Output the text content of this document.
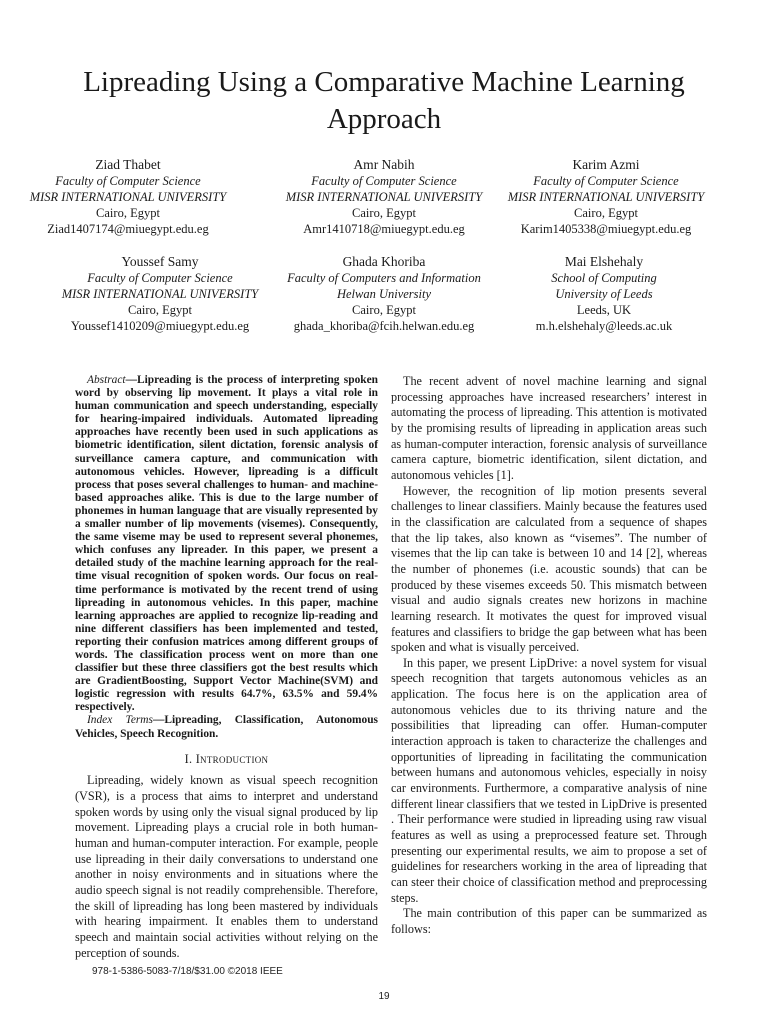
Lipreading Using a Comparative Machine Learning Approach
Ziad Thabet
Faculty of Computer Science
MISR INTERNATIONAL UNIVERSITY
Cairo, Egypt
Ziad1407174@miuegypt.edu.eg
Amr Nabih
Faculty of Computer Science
MISR INTERNATIONAL UNIVERSITY
Cairo, Egypt
Amr1410718@miuegypt.edu.eg
Karim Azmi
Faculty of Computer Science
MISR INTERNATIONAL UNIVERSITY
Cairo, Egypt
Karim1405338@miuegypt.edu.eg
Youssef Samy
Faculty of Computer Science
MISR INTERNATIONAL UNIVERSITY
Cairo, Egypt
Youssef1410209@miuegypt.edu.eg
Ghada Khoriba
Faculty of Computers and Information
Helwan University
Cairo, Egypt
ghada_khoriba@fcih.helwan.edu.eg
Mai Elshehaly
School of Computing
University of Leeds
Leeds, UK
m.h.elshehaly@leeds.ac.uk

Abstract—Lipreading is the process of interpreting spoken word by observing lip movement. It plays a vital role in human communication and speech understanding, especially for hearing-impaired individuals. Automated lipreading approaches have recently been used in such applications as biometric identification, silent dictation, forensic analysis of surveillance camera capture, and communication with autonomous vehicles. However, lipreading is a difficult process that poses several challenges to human- and machine-based approaches alike. This is due to the large number of phonemes in human language that are visually represented by a smaller number of lip movements (visemes). Consequently, the same viseme may be used to represent several phonemes, which confuses any lipreader. In this paper, we present a detailed study of the machine learning approach for the real-time visual recognition of spoken words. Our focus on real-time performance is motivated by the recent trend of using lipreading in autonomous vehicles. In this paper, machine learning approaches are applied to recognize lip-reading and nine different classifiers has been implemented and tested, reporting their confusion matrices among different groups of words. The classification process went on more than one classifier but these three classifiers got the best results which are GradientBoosting, Support Vector Machine(SVM) and logistic regression with results 64.7%, 63.5% and 59.4% respectively.

Index Terms—Lipreading, Classification, Autonomous Vehicles, Speech Recognition.

I. Introduction

Lipreading, widely known as visual speech recognition (VSR), is a process that aims to interpret and understand spoken words by using only the visual signal produced by lip movement. Lipreading plays a crucial role in both human-human and human-computer interaction. For example, people use lipreading in their daily conversations to understand one another in noisy environments and in situations where the audio speech signal is not readily comprehensible. Therefore, the skill of lipreading has long been mastered by individuals with hearing impairment. It enables them to understand speech and maintain social activities without relying on the perception of sounds.

The recent advent of novel machine learning and signal processing approaches have increased researchers’ interest in automating the process of lipreading. This attention is motivated by the promising results of lipreading in application areas such as human-computer interaction, forensic analysis of surveillance camera capture, biometric identification, silent dictation, and autonomous vehicles [1].

However, the recognition of lip motion presents several challenges to linear classifiers. Mainly because the features used in the classification are calculated from a sequence of shapes that the lip takes, also known as “visemes”. The number of visemes that the lip can take is between 10 and 14 [2], whereas the number of phonemes (i.e. acoustic sounds) that can be produced by these visemes exceeds 50. This mismatch between visual and audio signals creates new horizons in machine learning research. It motivates the quest for improved visual features and classifiers to bridge the gap between what has been spoken and what is visually perceived.

In this paper, we present LipDrive: a novel system for visual speech recognition that targets autonomous vehicles as an application. The focus here is on the application area of autonomous vehicles due to its thriving nature and the possibilities that lipreading can offer. Human-computer interaction approach is taken to characterize the challenges and opportunities of lipreading in facilitating the communication between humans and autonomous vehicles, especially in noisy car environments. Furthermore, a comparative analysis of nine different linear classifiers that we tested in LipDrive is presented . Their performance were studied in lipreading using raw visual features as well as using a preprocessed feature set. Through presenting our experimental results, we aim to propose a set of guidelines for researchers working in the area of lipreading that can steer their choice of classification method and preprocessing steps.

The main contribution of this paper can be summarized as follows:

978-1-5386-5083-7/18/$31.00 ©2018 IEEE
19
